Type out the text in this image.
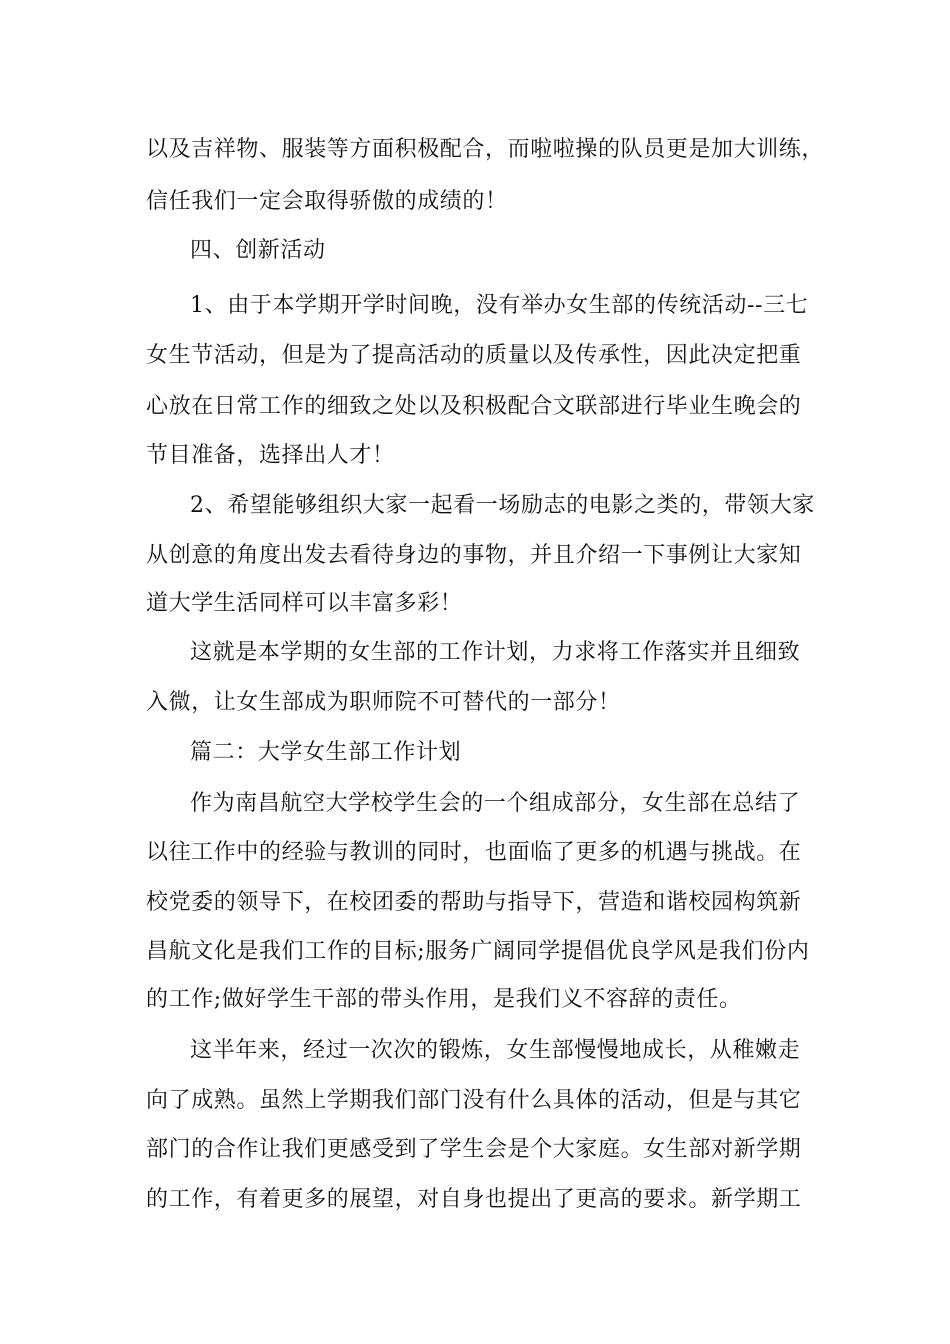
以及吉祥物、服装等方面积极配合，而啦啦操的队员更是加大训练，
信任我们一定会取得骄傲的成绩的！
四、创新活动
1、由于本学期开学时间晚，没有举办女生部的传统活动--三七
女生节活动，但是为了提高活动的质量以及传承性，因此决定把重
心放在日常工作的细致之处以及积极配合文联部进行毕业生晚会的
节目准备，选择出人才！
2、希望能够组织大家一起看一场励志的电影之类的，带领大家
从创意的角度出发去看待身边的事物，并且介绍一下事例让大家知
道大学生活同样可以丰富多彩！
这就是本学期的女生部的工作计划，力求将工作落实并且细致
入微，让女生部成为职师院不可替代的一部分！
篇二：大学女生部工作计划
作为南昌航空大学校学生会的一个组成部分，女生部在总结了
以往工作中的经验与教训的同时，也面临了更多的机遇与挑战。在
校党委的领导下，在校团委的帮助与指导下，营造和谐校园构筑新
昌航文化是我们工作的目标;服务广阔同学提倡优良学风是我们份内
的工作;做好学生干部的带头作用，是我们义不容辞的责任。
这半年来，经过一次次的锻炼，女生部慢慢地成长，从稚嫩走
向了成熟。虽然上学期我们部门没有什么具体的活动，但是与其它
部门的合作让我们更感受到了学生会是个大家庭。女生部对新学期
的工作，有着更多的展望，对自身也提出了更高的要求。新学期工
